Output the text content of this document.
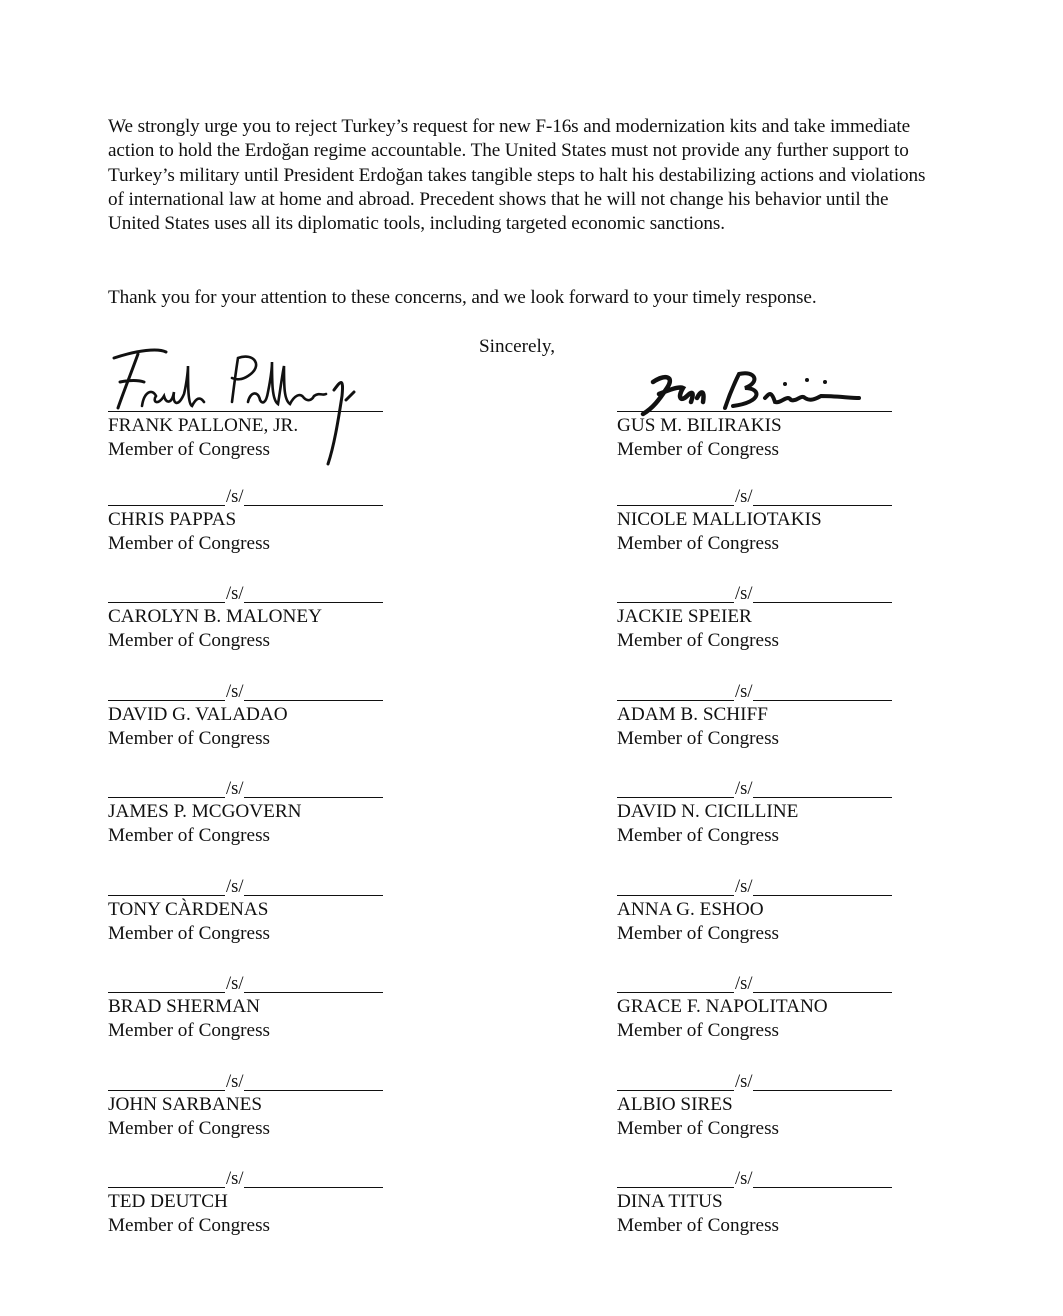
We strongly urge you to reject Turkey’s request for new F-16s and modernization kits and take immediate action to hold the Erdoğan regime accountable. The United States must not provide any further support to Turkey’s military until President Erdoğan takes tangible steps to halt his destabilizing actions and violations of international law at home and abroad. Precedent shows that he will not change his behavior until the United States uses all its diplomatic tools, including targeted economic sanctions.

Thank you for your attention to these concerns, and we look forward to your timely response.

Sincerely,
FRANK PALLONE, JR.
Member of Congress
/s/
CHRIS PAPPAS
Member of Congress
/s/
CAROLYN B. MALONEY
Member of Congress
/s/
DAVID G. VALADAO
Member of Congress
/s/
JAMES P. MCGOVERN
Member of Congress
/s/
TONY CÀRDENAS
Member of Congress
/s/
BRAD SHERMAN
Member of Congress
/s/
JOHN SARBANES
Member of Congress
/s/
TED DEUTCH
Member of Congress
GUS M. BILIRAKIS
Member of Congress
/s/
NICOLE MALLIOTAKIS
Member of Congress
/s/
JACKIE SPEIER
Member of Congress
/s/
ADAM B. SCHIFF
Member of Congress
/s/
DAVID N. CICILLINE
Member of Congress
/s/
ANNA G. ESHOO
Member of Congress
/s/
GRACE F. NAPOLITANO
Member of Congress
/s/
ALBIO SIRES
Member of Congress
/s/
DINA TITUS
Member of Congress
